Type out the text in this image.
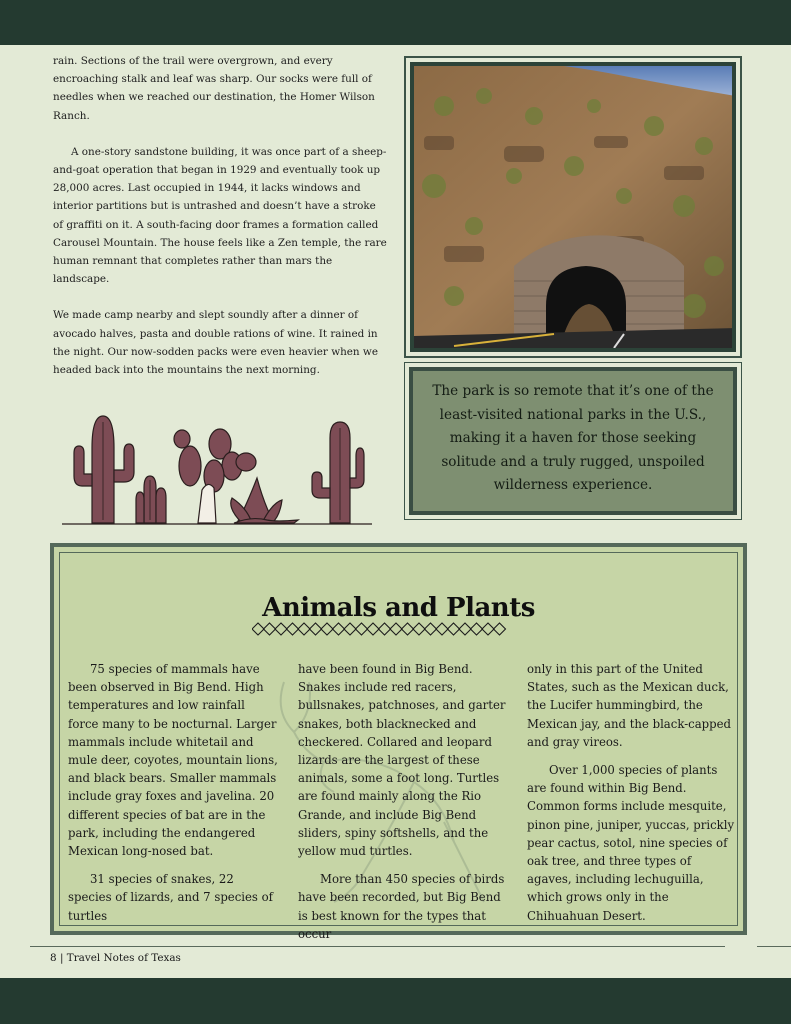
rain. Sections of the trail were overgrown, and every encroaching stalk and leaf was sharp. Our socks were full of needles when we reached our destination, the Homer Wilson Ranch.

A one-story sandstone building, it was once part of a sheep-and-goat operation that began in 1929 and eventually took up 28,000 acres. Last occupied in 1944, it lacks windows and interior partitions but is untrashed and doesn’t have a stroke of graffiti on it. A south-facing door frames a formation called Carousel Mountain. The house feels like a Zen temple, the rare human remnant that completes rather than mars the landscape.

We made camp nearby and slept soundly after a dinner of avocado halves, pasta and double rations of wine. It rained in the night. Our now-sodden packs were even heavier when we headed back into the mountains the next morning.

The park is so remote that it’s one of the least-visited national parks in the U.S., making it a haven for those seeking solitude and a truly rugged, unspoiled wilderness experience.
Animals and Plants

75 species of mammals have been observed in Big Bend. High temperatures and low rainfall force many to be nocturnal. Larger mammals include whitetail and mule deer, coyotes, mountain lions, and black bears. Smaller mammals include gray foxes and javelina. 20 different species of bat are in the park, including the endangered Mexican long-nosed bat.

31 species of snakes, 22 species of lizards, and 7 species of turtles

have been found in Big Bend. Snakes include red racers, bullsnakes, patchnoses, and garter snakes, both blacknecked and checkered. Collared and leopard lizards are the largest of these animals, some a foot long. Turtles are found mainly along the Rio Grande, and include Big Bend sliders, spiny softshells, and the yellow mud turtles.

More than 450 species of birds have been recorded, but Big Bend is best known for the types that occur

only in this part of the United States, such as the Mexican duck, the Lucifer hummingbird, the Mexican jay, and the black-capped and gray vireos.

Over 1,000 species of plants are found within Big Bend. Common forms include mesquite, pinon pine, juniper, yuccas, prickly pear cactus, sotol, nine species of oak tree, and three types of agaves, including lechuguilla, which grows only in the Chihuahuan Desert.

8 | Travel Notes of Texas
